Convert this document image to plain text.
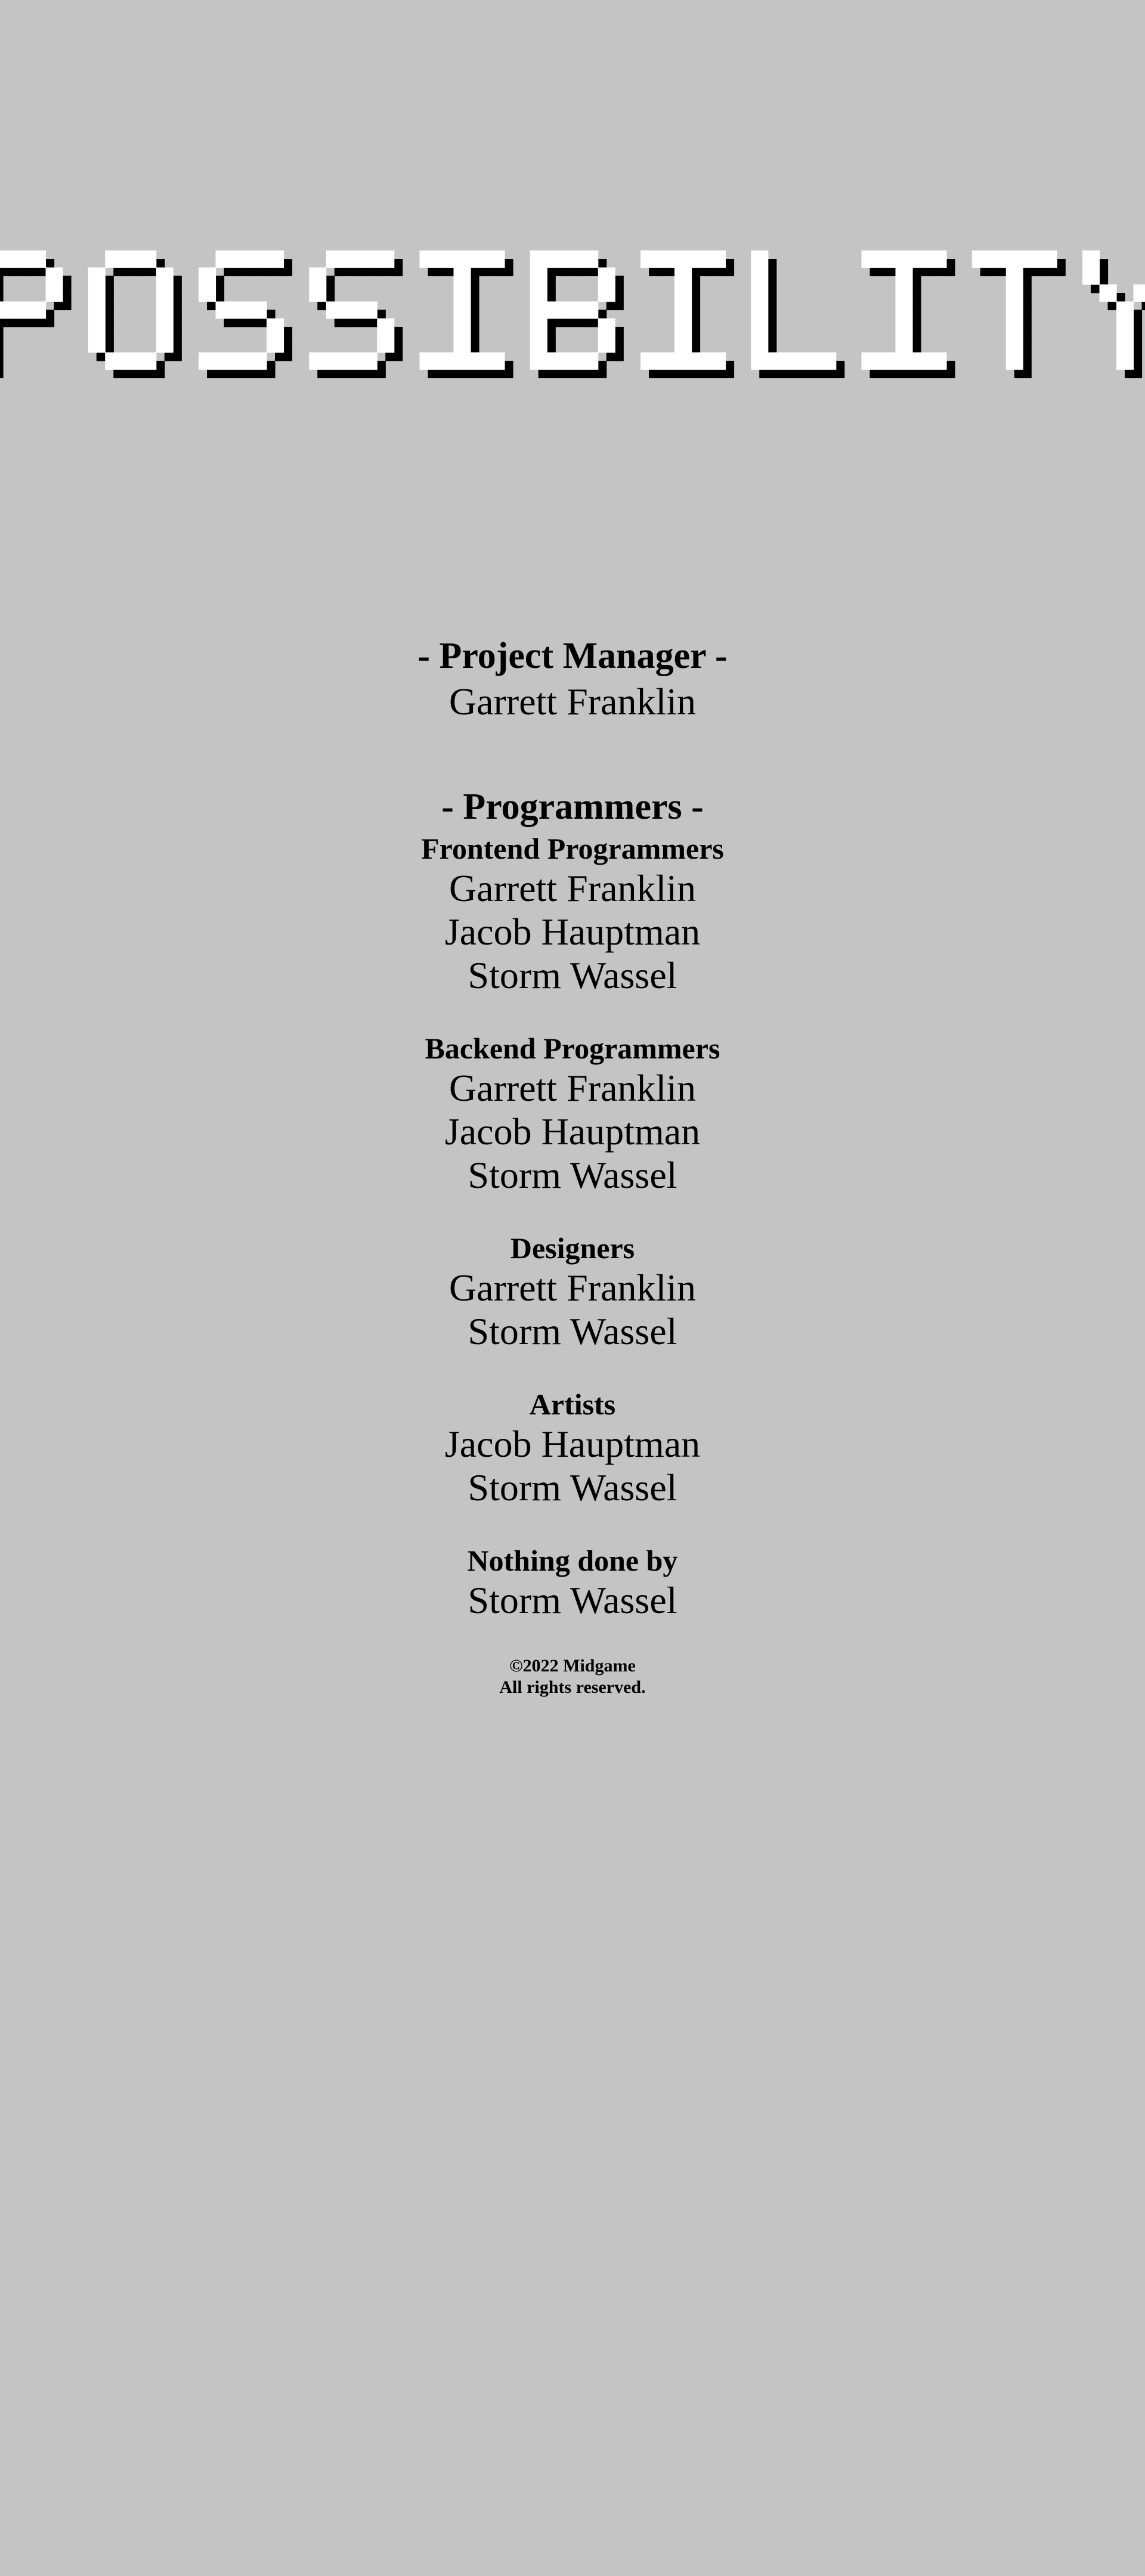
- Project Manager -
Garrett Franklin
- Programmers -
Frontend Programmers
Garrett Franklin
Jacob Hauptman
Storm Wassel
Backend Programmers
Garrett Franklin
Jacob Hauptman
Storm Wassel
Designers
Garrett Franklin
Storm Wassel
Artists
Jacob Hauptman
Storm Wassel
Nothing done by
Storm Wassel
©2022 Midgame
All rights reserved.
